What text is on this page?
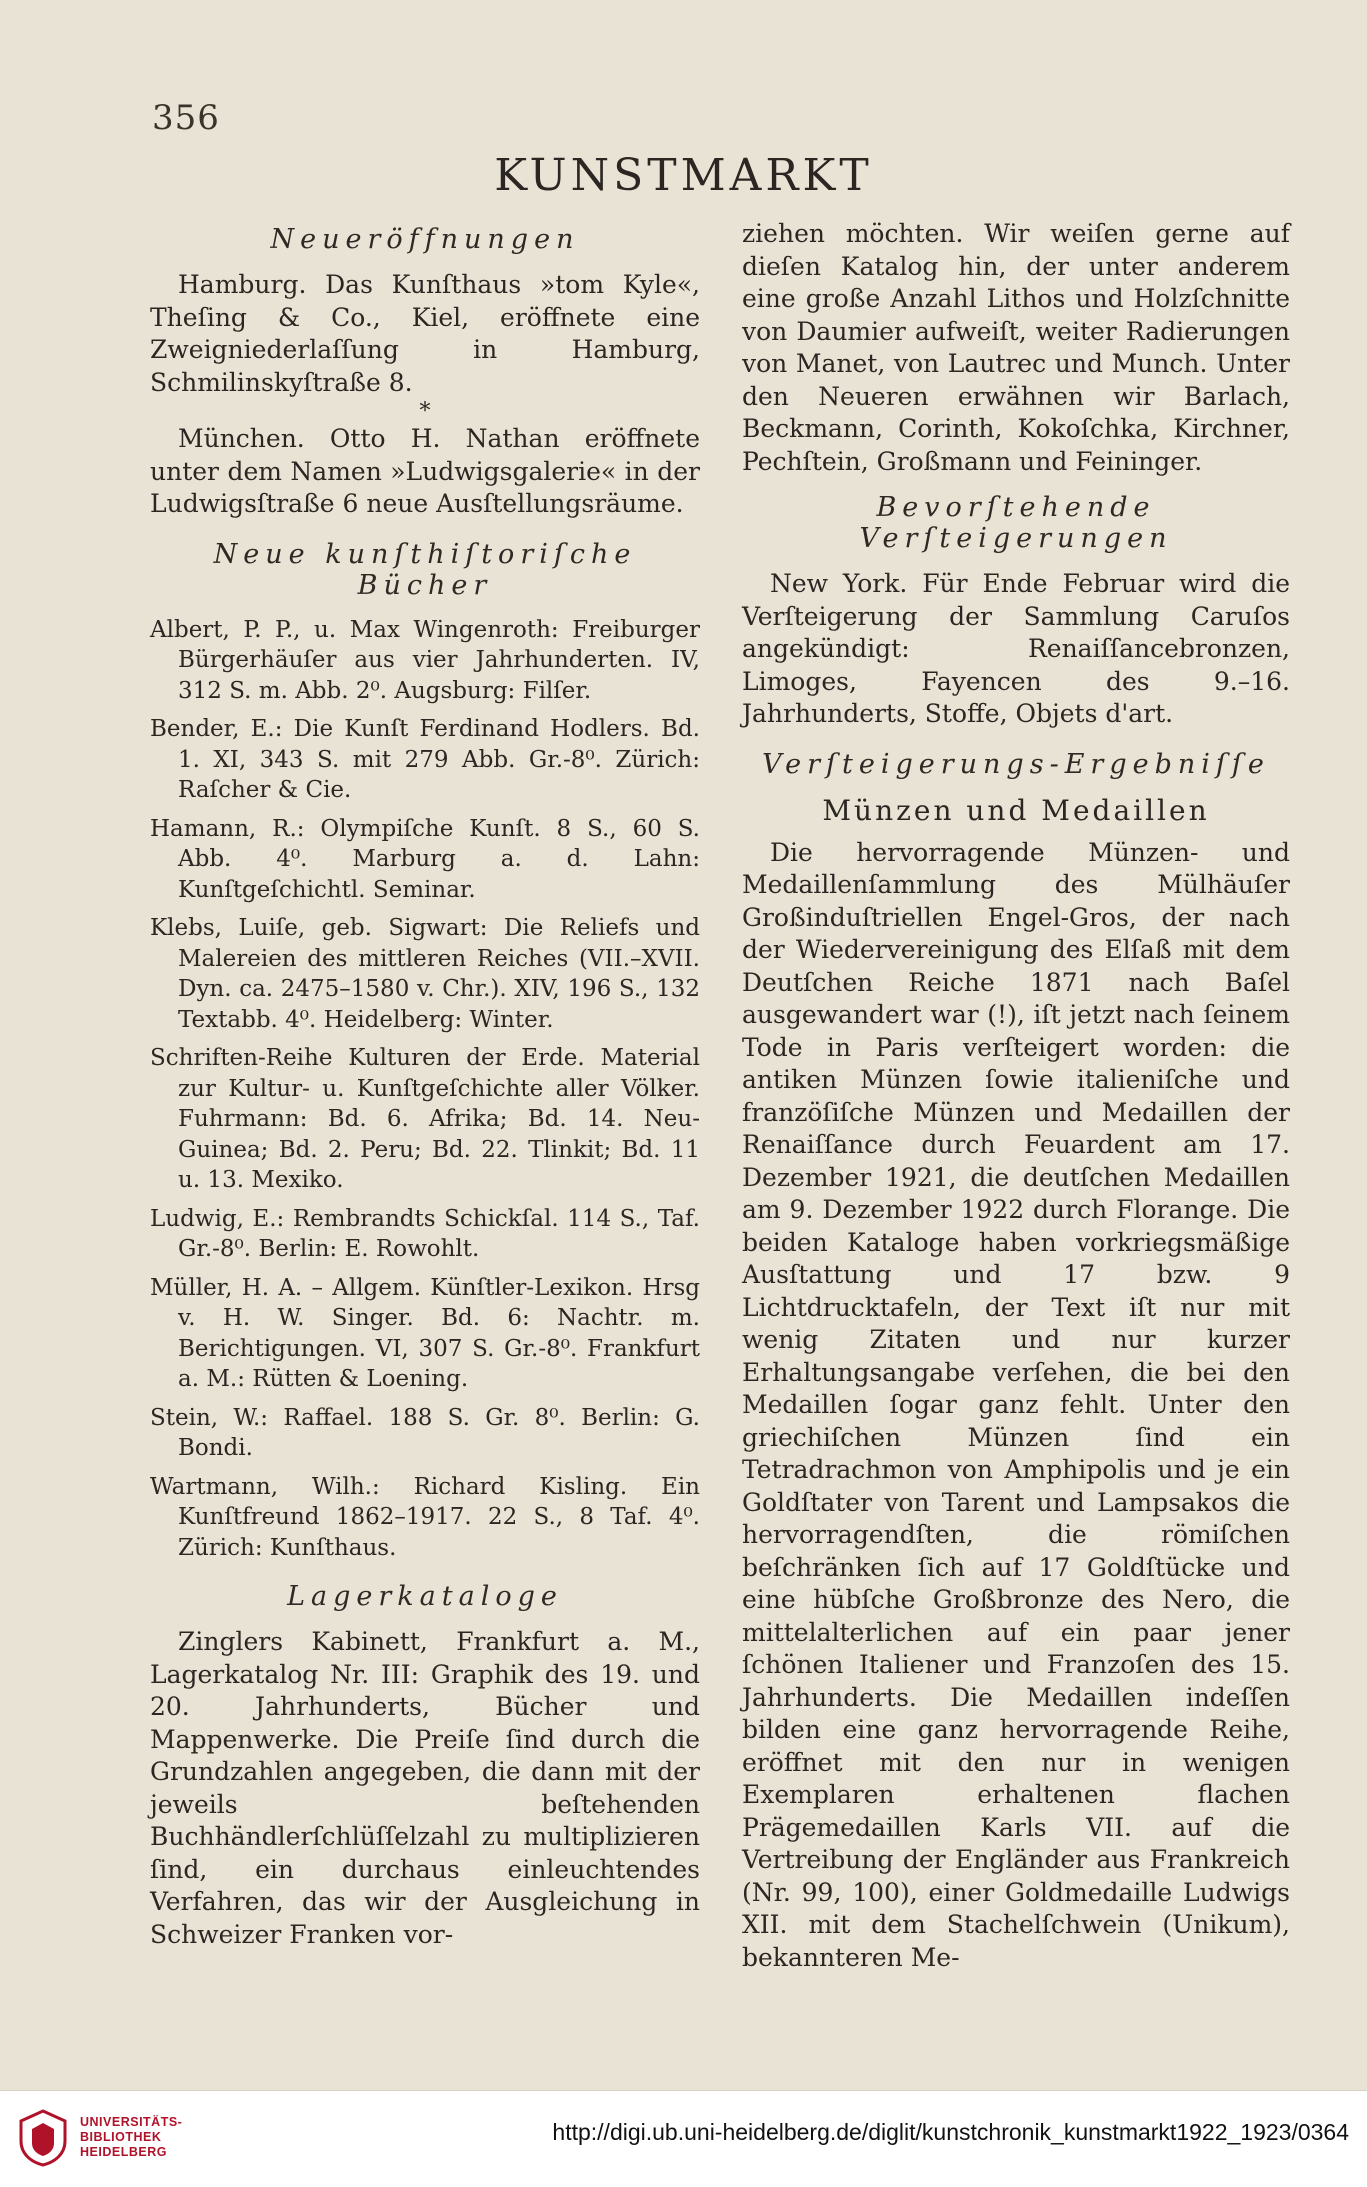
356
KUNSTMARKT
Neueröffnungen

Hamburg. Das Kunſthaus »tom Kyle«, Theſing & Co., Kiel, eröffnete eine Zweigniederlaſſung in Hamburg, Schmilinskyſtraße 8.

*

München. Otto H. Nathan eröffnete unter dem Namen »Ludwigsgalerie« in der Ludwigsſtraße 6 neue Ausſtellungsräume.

Neue kunſthiſtoriſche Bücher

Albert, P. P., u. Max Wingenroth: Freiburger Bürgerhäuſer aus vier Jahrhunderten. IV, 312 S. m. Abb. 2⁰. Augsburg: Filſer.

Bender, E.: Die Kunſt Ferdinand Hodlers. Bd. 1. XI, 343 S. mit 279 Abb. Gr.-8⁰. Zürich: Raſcher & Cie.

Hamann, R.: Olympiſche Kunſt. 8 S., 60 S. Abb. 4⁰. Marburg a. d. Lahn: Kunſtgeſchichtl. Seminar.

Klebs, Luiſe, geb. Sigwart: Die Reliefs und Malereien des mittleren Reiches (VII.–XVII. Dyn. ca. 2475–1580 v. Chr.). XIV, 196 S., 132 Textabb. 4⁰. Heidelberg: Winter.

Schriften-Reihe Kulturen der Erde. Material zur Kultur- u. Kunſtgeſchichte aller Völker. Fuhrmann: Bd. 6. Afrika; Bd. 14. Neu-Guinea; Bd. 2. Peru; Bd. 22. Tlinkit; Bd. 11 u. 13. Mexiko.

Ludwig, E.: Rembrandts Schickſal. 114 S., Taf. Gr.-8⁰. Berlin: E. Rowohlt.

Müller, H. A. – Allgem. Künſtler-Lexikon. Hrsg v. H. W. Singer. Bd. 6: Nachtr. m. Berichtigungen. VI, 307 S. Gr.-8⁰. Frankfurt a. M.: Rütten & Loening.

Stein, W.: Raffael. 188 S. Gr. 8⁰. Berlin: G. Bondi.

Wartmann, Wilh.: Richard Kisling. Ein Kunſtfreund 1862–1917. 22 S., 8 Taf. 4⁰. Zürich: Kunſthaus.

Lagerkataloge

Zinglers Kabinett, Frankfurt a. M., Lagerkatalog Nr. III: Graphik des 19. und 20. Jahrhunderts, Bücher und Mappenwerke. Die Preiſe ſind durch die Grundzahlen angegeben, die dann mit der jeweils beſtehenden Buchhändlerſchlüſſelzahl zu multiplizieren ſind, ein durchaus einleuchtendes Verfahren, das wir der Ausgleichung in Schweizer Franken vor-

ziehen möchten. Wir weiſen gerne auf dieſen Katalog hin, der unter anderem eine große Anzahl Lithos und Holzſchnitte von Daumier aufweiſt, weiter Radierungen von Manet, von Lautrec und Munch. Unter den Neueren erwähnen wir Barlach, Beckmann, Corinth, Kokoſchka, Kirchner, Pechſtein, Großmann und Feininger.

Bevorſtehende Verſteigerungen

New York. Für Ende Februar wird die Verſteigerung der Sammlung Caruſos angekündigt: Renaiſſancebronzen, Limoges, Fayencen des 9.–16. Jahrhunderts, Stoffe, Objets d'art.

Verſteigerungs-Ergebniſſe
Münzen und Medaillen

Die hervorragende Münzen- und Medaillenſammlung des Mülhäuſer Großinduſtriellen Engel-Gros, der nach der Wiedervereinigung des Elſaß mit dem Deutſchen Reiche 1871 nach Baſel ausgewandert war (!), iſt jetzt nach ſeinem Tode in Paris verſteigert worden: die antiken Münzen ſowie italieniſche und franzöſiſche Münzen und Medaillen der Renaiſſance durch Feuardent am 17. Dezember 1921, die deutſchen Medaillen am 9. Dezember 1922 durch Florange. Die beiden Kataloge haben vorkriegsmäßige Ausſtattung und 17 bzw. 9 Lichtdrucktafeln, der Text iſt nur mit wenig Zitaten und nur kurzer Erhaltungsangabe verſehen, die bei den Medaillen ſogar ganz fehlt. Unter den griechiſchen Münzen ſind ein Tetradrachmon von Amphipolis und je ein Goldſtater von Tarent und Lampsakos die hervorragendſten, die römiſchen beſchränken ſich auf 17 Goldſtücke und eine hübſche Großbronze des Nero, die mittelalterlichen auf ein paar jener ſchönen Italiener und Franzoſen des 15. Jahrhunderts. Die Medaillen indeſſen bilden eine ganz hervorragende Reihe, eröffnet mit den nur in wenigen Exemplaren erhaltenen flachen Prägemedaillen Karls VII. auf die Vertreibung der Engländer aus Frankreich (Nr. 99, 100), einer Goldmedaille Ludwigs XII. mit dem Stachelſchwein (Unikum), bekannteren Me-

UNIVERSITÄTS-
BIBLIOTHEK
HEIDELBERG
http://digi.ub.uni-heidelberg.de/diglit/kunstchronik_kunstmarkt1922_1923/0364
